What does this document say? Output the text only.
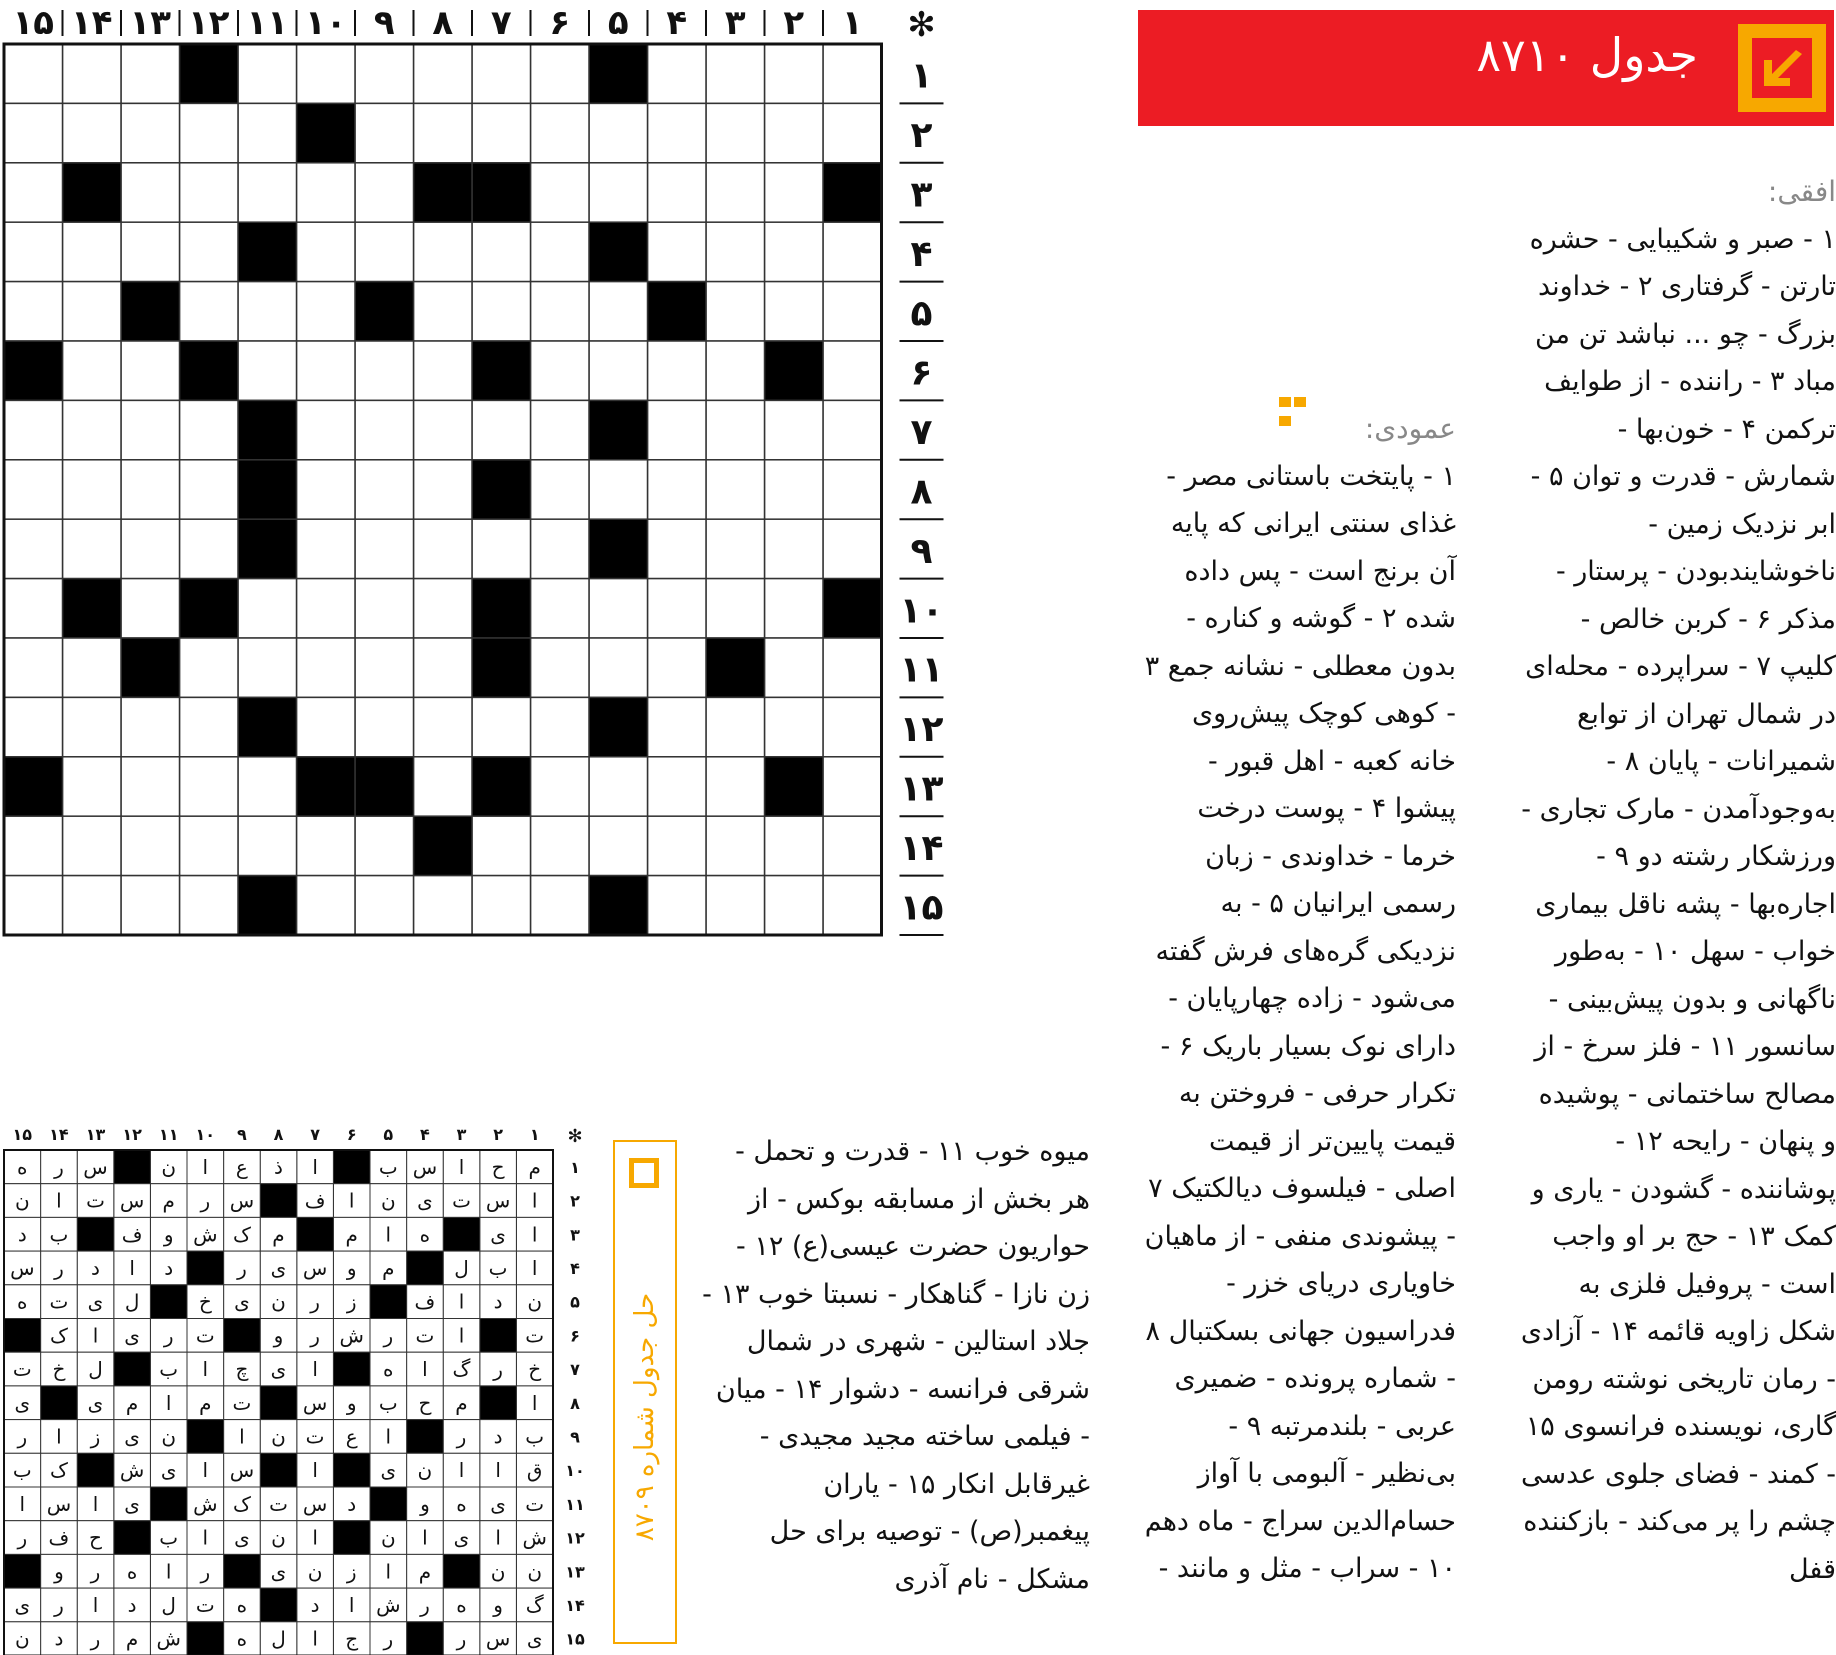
۱
۲
۳
۴
۵
۶
۷
۸
۹
۱۰
۱۱
۱۲
۱۳
۱۴
۱۵	✻
۱
۲
۳
۴
۵
۶
۷
۸
۹
۱۰
۱۱
۱۲
۱۳
۱۴
۱۵
جدول ۸۷۱۰
افقی:
۱ - صبر و شکیبایی - حشره تارتن - گرفتاری ۲ - خداوند بزرگ - چو ... نباشد تن من مباد ۳ - راننده - از طوایف ترکمن ۴ - خون‌بها - شمارش - قدرت و توان ۵ - ابر نزدیک زمین - ناخوشایندبودن - پرستار - مذکر ۶ - کربن خالص - کلیپ ۷ - سراپرده - محله‌ای در شمال تهران از توابع شمیرانات - پایان ۸ - به‌وجودآمدن - مارک تجاری - ورزشکار رشته دو ۹ - اجاره‌بها - پشه ناقل بیماری خواب - سهل ۱۰ - به‌طور ناگهانی و بدون پیش‌بینی - سانسور ۱۱ - فلز سرخ - از مصالح ساختمانی - پوشیده و پنهان - رایحه ۱۲ - پوشاننده - گشودن - یاری و کمک ۱۳ - حج بر او واجب است - پروفیل فلزی به شکل زاویه قائمه ۱۴ - آزادی - رمان تاریخی نوشته رومن گاری، نویسنده فرانسوی ۱۵ - کمند - فضای جلوی عدسی چشم را پر می‌کند - بازکننده قفل
عمودی:
۱ - پایتخت باستانی مصر - غذای سنتی ایرانی که پایه آن برنج است - پس داده شده ۲ - گوشه و کناره - بدون معطلی - نشانه جمع ۳ - کوهی کوچک پیش‌روی خانه کعبه - اهل قبور - پیشوا ۴ - پوست درخت خرما - خداوندی - زبان رسمی ایرانیان ۵ - به نزدیکی گره‌های فرش گفته می‌شود - زاده چهارپایان - دارای نوک بسیار باریک ۶ - تکرار حرفی - فروختن به قیمت پایین‌تر از قیمت اصلی - فیلسوف دیالکتیک ۷ - پیشوندی منفی - از ماهیان خاویاری دریای خزر - فدراسیون جهانی بسکتبال ۸ - شماره پرونده - ضمیری عربی - بلندمرتبه ۹ - بی‌نظیر - آلبومی با آواز حسام‌الدین سراج - ماه دهم ۱۰ - سراب - مثل و مانند -
میوه خوب ۱۱ - قدرت و تحمل - هر بخش از مسابقه بوکس - از حواریون حضرت عیسی(ع) ۱۲ - زن نازا - گناهکار - نسبتا خوب ۱۳ - جلاد استالین - شهری در شمال شرقی فرانسه - دشوار ۱۴ - میان - فیلمی ساخته مجید مجیدی - غیرقابل انکار ۱۵ - یاران پیغمبر(ص) - توصیه برای حل مشکل - نام آذری
۱
۲
۳
۴
۵
۶
۷
۸
۹
۱۰
۱۱
۱۲
۱۳
۱۴
۱۵	✻
۱
م
ح
ا
س
ب
ا
ذ
ع
ا
ن
س
ر
ه
۲
ا
س
ت
ی
ن
ا
ف
س
ر
م
س
ت
ا
ن
۳
ا
ی
ه
ا
م
م
ک
ش
و
ف
ب
د
۴
ا
ب
ل
م
و
س
ی
ر
د
ا
د
ر
س
۵
ن
د
ا
ف
ز
ر
ن
ی
خ
ل
ی
ت
ه
۶
ت
ا
ت
ر
ش
ر
و
ت
ر
ی
ا
ک
۷
خ
ر
گ
ا
ه
ا
ی
چ
ا
ب
ل
خ
ت
۸
ا
م
ح
ب
و
س
ت
م
ا
م
ی
ی
۹
ب
د
ر
ا
ع
ت
ن
ا
ن
ی
ز
ا
ر
۱۰
ق
ا
ا
ن
ی
ا
س
ا
ی
ش
ک
ب
۱۱
ت
ی
ه
و
د
س
ت
ک
ش
ی
ا
س
ا
۱۲
ش
ا
ی
ا
ن
ا
ن
ی
ا
ب
ح
ف
ر
۱۳
ن
ن
م
ا
ز
ن
ی
ر
ا
ه
ر
و
۱۴
گ
و
ه
ر
ش
ا
د
ه
ت
ل
د
ا
ر
ی
۱۵
ی
س
ر
ر
ج
ا
ل
ه
ش
م
ر
د
ن
حل جدول شماره ۸۷۰۹
